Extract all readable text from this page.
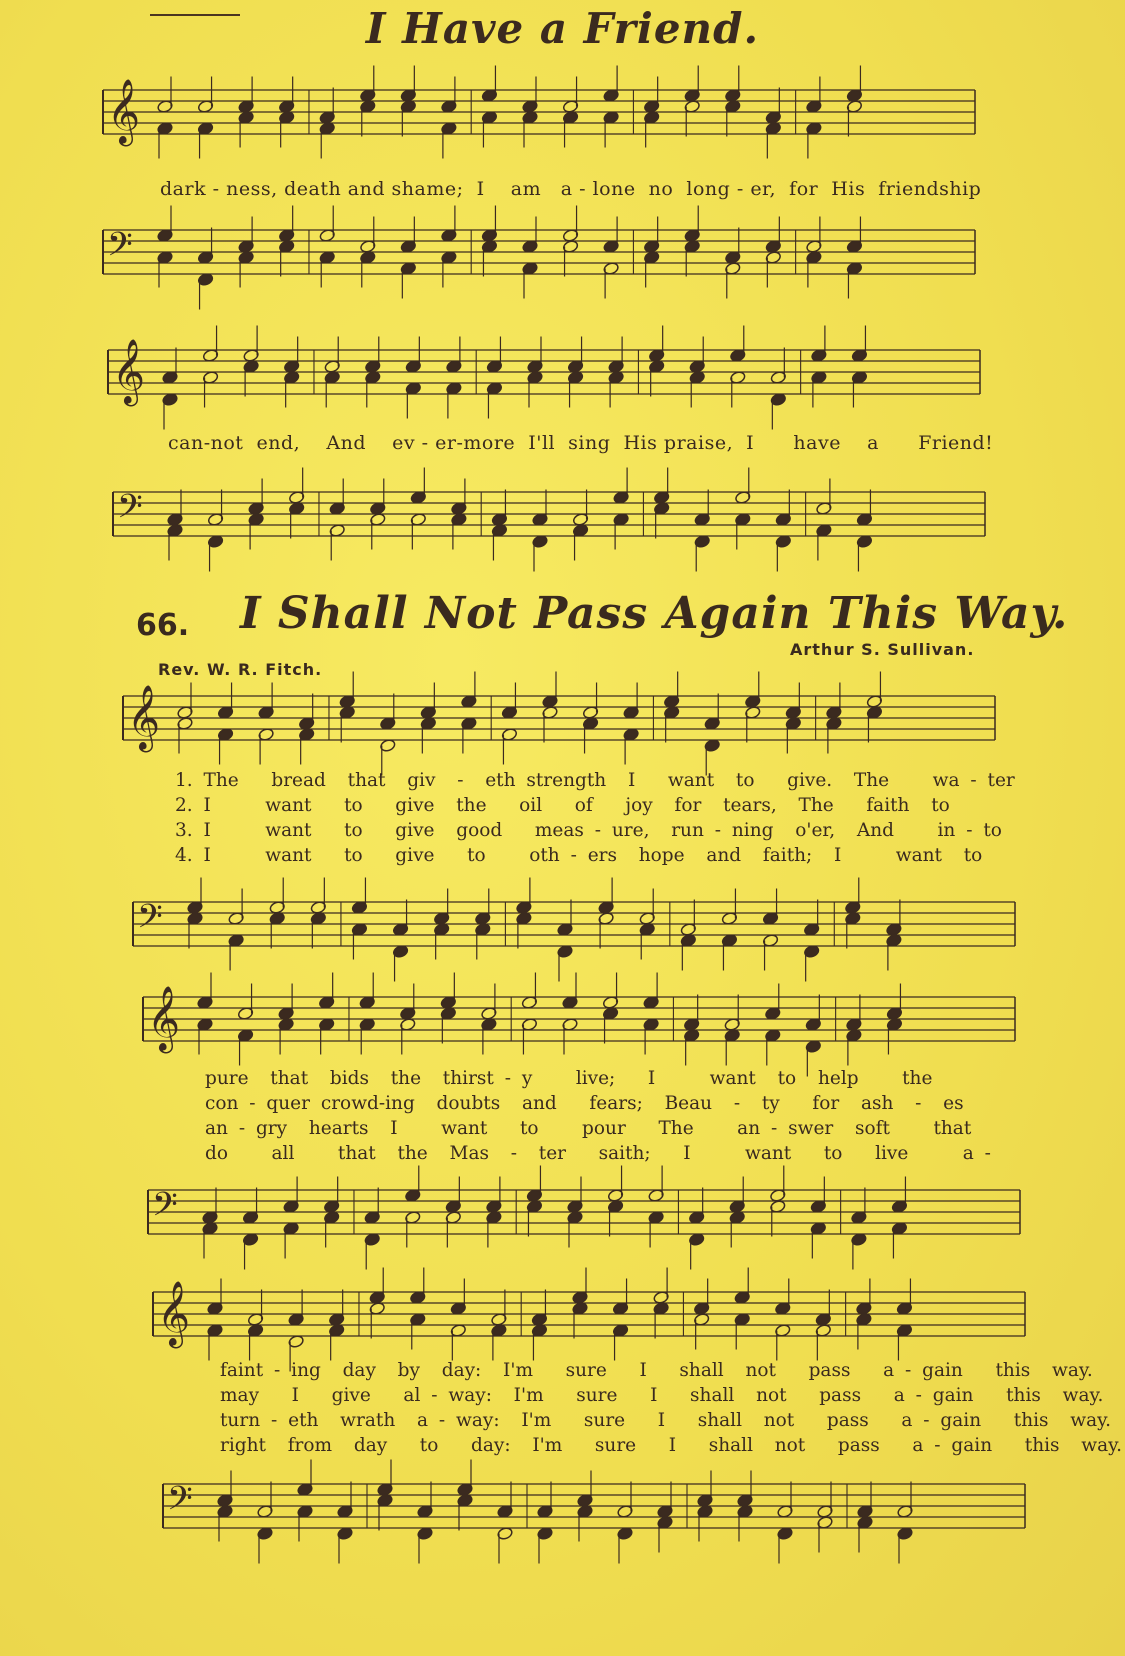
I Have a Friend.
𝄞
dark - ness, death and shame;  I    am   a - lone  no  long - er,  for  His  friendship
𝄢
𝄞
can-not  end,    And    ev - er-more  I'll  sing  His praise,  I      have    a      Friend!
𝄢
66. I Shall Not Pass Again This Way.
Rev. W. R. Fitch.
Arthur S. Sullivan.
𝄞
1. The   bread  that  giv  -  eth strength  I   want  to   give.  The    wa - ter
2. I     want   to   give  the   oil   of   joy  for  tears,  The   faith  to
3. I     want   to   give  good   meas - ure,  run - ning  o'er,  And    in - to
4. I     want   to   give   to    oth - ers  hope  and  faith;  I     want  to
𝄢
𝄞
pure  that  bids  the  thirst - y    live;   I     want  to  help    the
con - quer crowd-ing  doubts  and   fears;  Beau  -  ty   for  ash  -  es
an - gry  hearts  I    want   to    pour   The    an - swer  soft    that
do    all    that  the  Mas  -  ter   saith;   I     want   to   live     a -
𝄢
𝄞
faint - ing  day  by  day:  I'm   sure   I   shall  not   pass   a - gain   this  way.
may   I   give   al - way:  I'm   sure   I   shall  not   pass   a - gain   this  way.
turn - eth  wrath  a - way:  I'm   sure   I   shall  not   pass   a - gain   this  way.
right  from  day   to   day:  I'm   sure   I   shall  not   pass   a - gain   this  way.
𝄢
